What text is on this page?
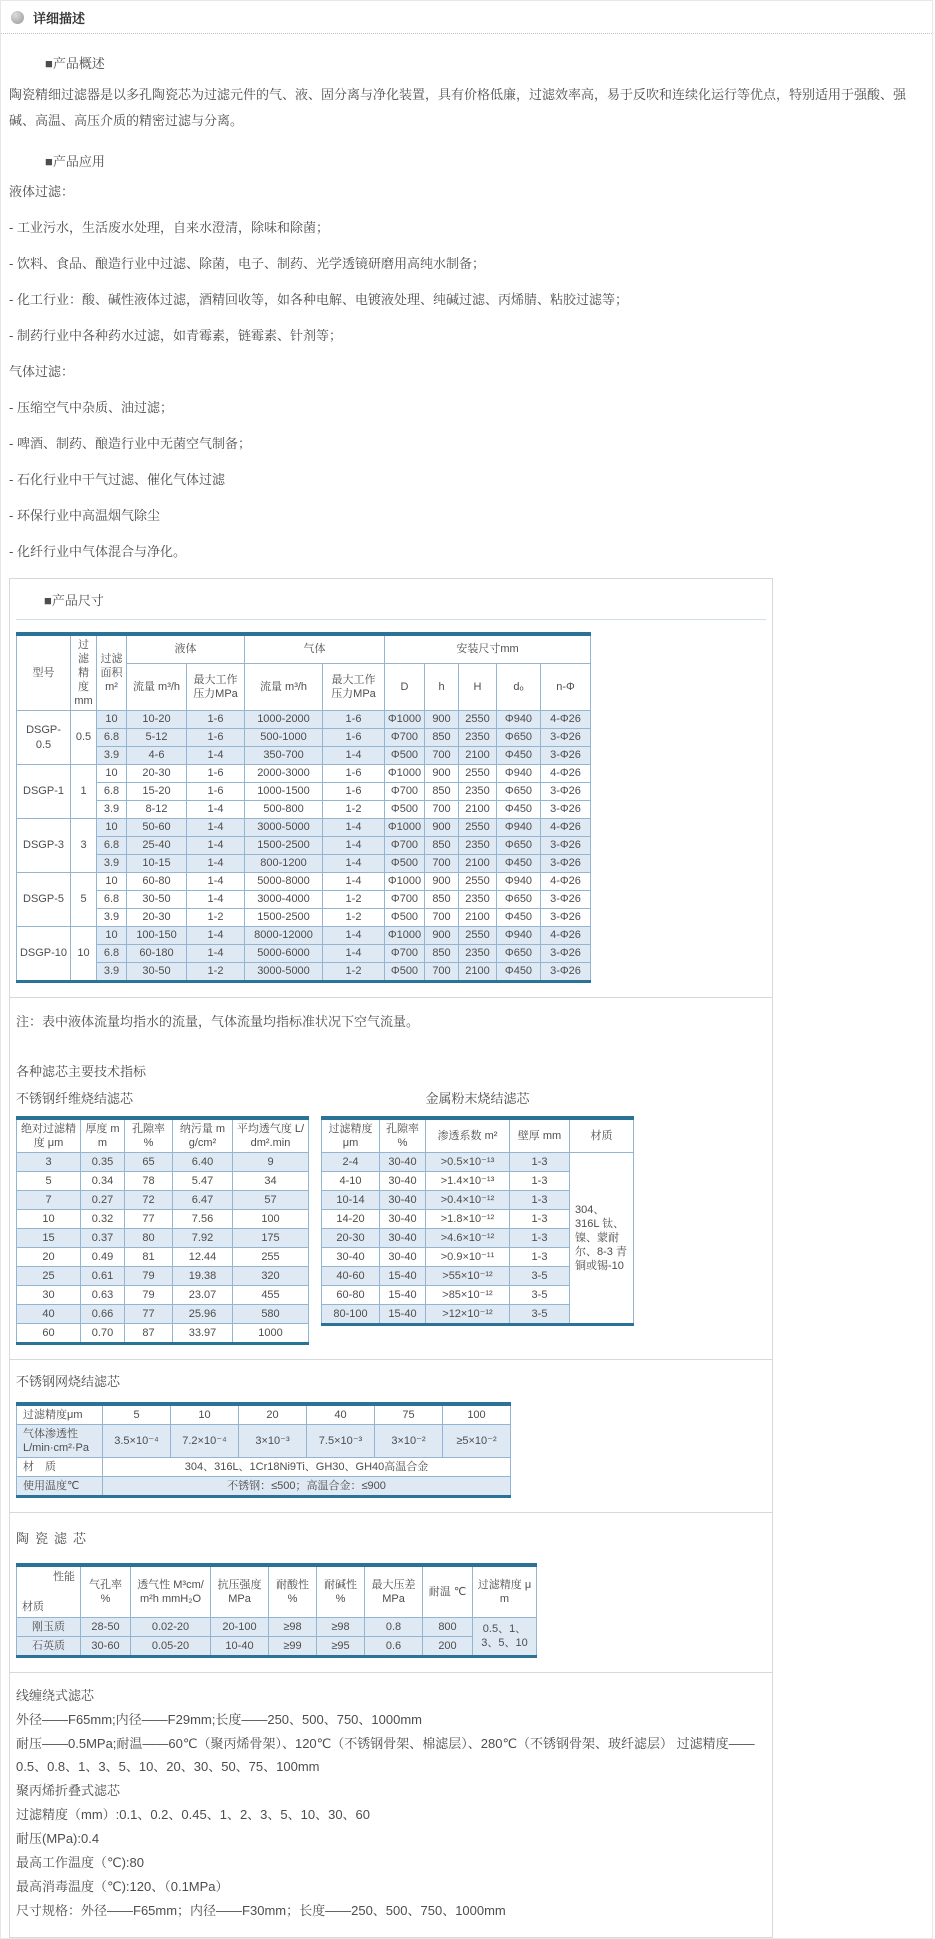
详细描述
■产品概述
陶瓷精细过滤器是以多孔陶瓷芯为过滤元件的气、液、固分离与净化装置，具有价格低廉，过滤效率高，易于反吹和连续化运行等优点，特别适用于强酸、强碱、高温、高压介质的精密过滤与分离。
■产品应用
液体过滤：
- 工业污水，生活废水处理，自来水澄清，除味和除菌；
- 饮料、食品、酿造行业中过滤、除菌，电子、制药、光学透镜研磨用高纯水制备；
- 化工行业：酸、碱性液体过滤，酒精回收等，如各种电解、电镀液处理、纯碱过滤、丙烯腈、粘胶过滤等；
- 制药行业中各种药水过滤，如青霉素，链霉素、针剂等；
气体过滤：
- 压缩空气中杂质、油过滤；
- 啤酒、制药、酿造行业中无菌空气制备；
- 石化行业中干气过滤、催化气体过滤
- 环保行业中高温烟气除尘
- 化纤行业中气体混合与净化。
■产品尺寸
型号	过滤精度mm	过滤面积m²	液体		气体		安装尺寸mm				
			流量 m³/h	最大工作 压力MPa	流量 m³/h	最大工作 压力MPa	D	h	H	dₒ	n-Φ
DSGP-0.5	0.5	10	10-20	1-6	1000-2000	1-6	Φ1000	900	2550	Φ940	4-Φ26
		6.8	5-12	1-6	500-1000	1-6	Φ700	850	2350	Φ650	3-Φ26
		3.9	4-6	1-4	350-700	1-4	Φ500	700	2100	Φ450	3-Φ26
DSGP-1	1	10	20-30	1-6	2000-3000	1-6	Φ1000	900	2550	Φ940	4-Φ26
		6.8	15-20	1-6	1000-1500	1-6	Φ700	850	2350	Φ650	3-Φ26
		3.9	8-12	1-4	500-800	1-2	Φ500	700	2100	Φ450	3-Φ26
DSGP-3	3	10	50-60	1-4	3000-5000	1-4	Φ1000	900	2550	Φ940	4-Φ26
		6.8	25-40	1-4	1500-2500	1-4	Φ700	850	2350	Φ650	3-Φ26
		3.9	10-15	1-4	800-1200	1-4	Φ500	700	2100	Φ450	3-Φ26
DSGP-5	5	10	60-80	1-4	5000-8000	1-4	Φ1000	900	2550	Φ940	4-Φ26
		6.8	30-50	1-4	3000-4000	1-2	Φ700	850	2350	Φ650	3-Φ26
		3.9	20-30	1-2	1500-2500	1-2	Φ500	700	2100	Φ450	3-Φ26
DSGP-10	10	10	100-150	1-4	8000-12000	1-4	Φ1000	900	2550	Φ940	4-Φ26
		6.8	60-180	1-4	5000-6000	1-4	Φ700	850	2350	Φ650	3-Φ26
		3.9	30-50	1-2	3000-5000	1-2	Φ500	700	2100	Φ450	3-Φ26
注：表中液体流量均指水的流量，气体流量均指标准状况下空气流量。
各种滤芯主要技术指标
不锈钢纤维烧结滤芯
绝对过滤精度 μm	厚度 mm	孔隙率 %	纳污量 mg/cm²	平均透气度 L/dm².min
3	0.35	65	6.40	9
5	0.34	78	5.47	34
7	0.27	72	6.47	57
10	0.32	77	7.56	100
15	0.37	80	7.92	175
20	0.49	81	12.44	255
25	0.61	79	19.38	320
30	0.63	79	23.07	455
40	0.66	77	25.96	580
60	0.70	87	33.97	1000
金属粉末烧结滤芯
过滤精度 μm	孔隙率 %	渗透系数 m²	壁厚 mm	材质
2-4	30-40	>0.5×10⁻¹³	1-3	304、316L 钛、镍、蒙耐尔、8-3 青铜或锡-10
4-10	30-40	>1.4×10⁻¹³	1-3	
10-14	30-40	>0.4×10⁻¹²	1-3	
14-20	30-40	>1.8×10⁻¹²	1-3	
20-30	30-40	>4.6×10⁻¹²	1-3	
30-40	30-40	>0.9×10⁻¹¹	1-3	
40-60	15-40	>55×10⁻¹²	3-5	
60-80	15-40	>85×10⁻¹²	3-5	
80-100	15-40	>12×10⁻¹²	3-5	
不锈钢网烧结滤芯
过滤精度μm	5	10	20	40	75	100
气体渗透性 L/min·cm²·Pa	3.5×10⁻⁴	7.2×10⁻⁴	3×10⁻³	7.5×10⁻³	3×10⁻²	≥5×10⁻²
材　质	304、316L、1Cr18Ni9Ti、GH30、GH40高温合金					
使用温度℃	不锈钢：≤500；高温合金：≤900					
陶瓷滤芯
性能
材质	气孔率 %	透气性 M³cm/m²h mmH₂O	抗压强度 MPa	耐酸性 %	耐碱性 %	最大压差 MPa	耐温 ℃	过滤精度 μm
刚玉质	28-50	0.02-20	20-100	≥98	≥98	0.8	800	0.5、1、3、5、10
石英质	30-60	0.05-20	10-40	≥99	≥95	0.6	200	
线缠绕式滤芯
外径——F65mm;内径——F29mm;长度——250、500、750、1000mm
耐压——0.5MPa;耐温——60℃（聚丙烯骨架）、120℃（不锈钢骨架、棉滤层）、280℃（不锈钢骨架、玻纤滤层） 过滤精度——0.5、0.8、1、3、5、10、20、30、50、75、100mm
聚丙烯折叠式滤芯
过滤精度（mm）:0.1、0.2、0.45、1、2、3、5、10、30、60
耐压(MPa):0.4
最高工作温度（℃):80
最高消毒温度（℃):120、（0.1MPa）
尺寸规格：外径——F65mm；内径——F30mm；长度——250、500、750、1000mm
